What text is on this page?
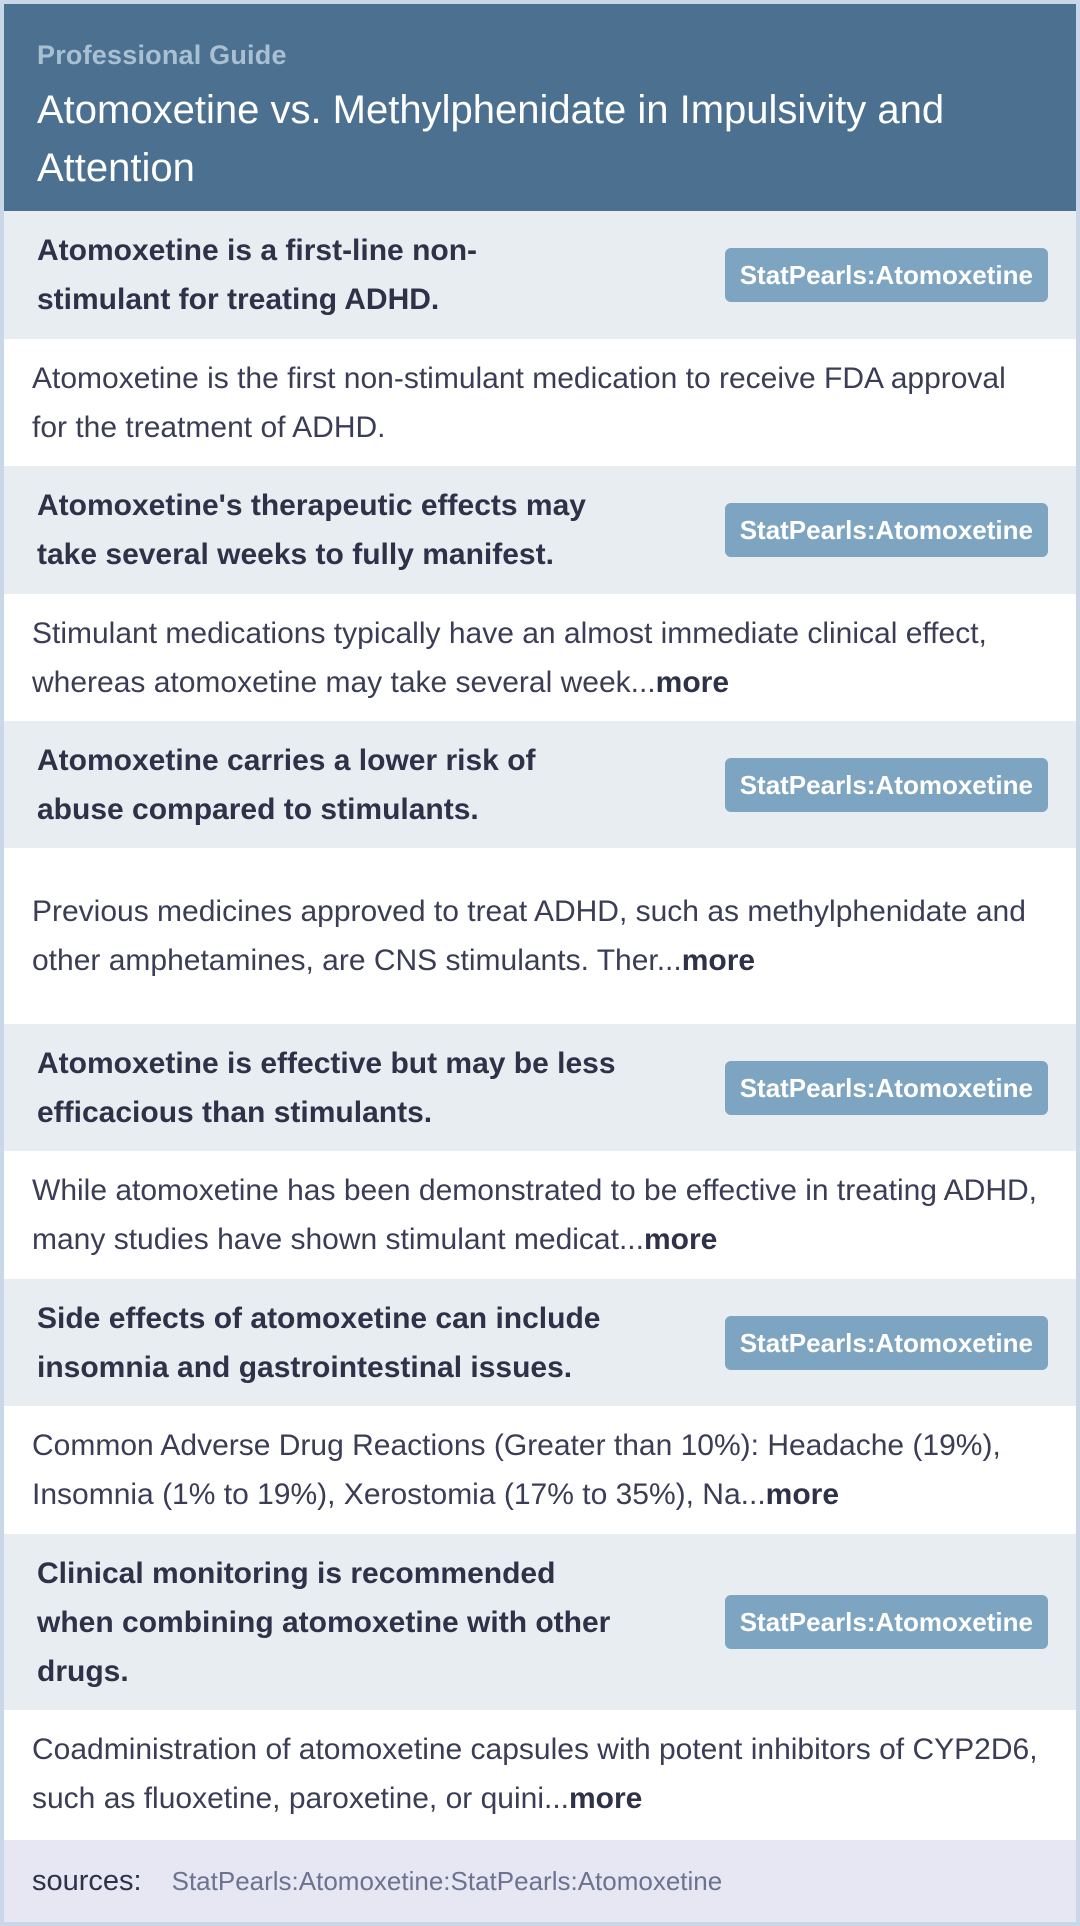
Professional Guide
Atomoxetine vs. Methylphenidate in Impulsivity and Attention
Atomoxetine is a first-line non-stimulant for treating ADHD.
StatPearls:Atomoxetine
Atomoxetine is the first non-stimulant medication to receive FDA approval for the treatment of ADHD.
Atomoxetine's therapeutic effects may take several weeks to fully manifest.
StatPearls:Atomoxetine
Stimulant medications typically have an almost immediate clinical effect, whereas atomoxetine may take several week...more
Atomoxetine carries a lower risk of abuse compared to stimulants.
StatPearls:Atomoxetine
Previous medicines approved to treat ADHD, such as methylphenidate and other amphetamines, are CNS stimulants. Ther...more
Atomoxetine is effective but may be less efficacious than stimulants.
StatPearls:Atomoxetine
While atomoxetine has been demonstrated to be effective in treating ADHD, many studies have shown stimulant medicat...more
Side effects of atomoxetine can include insomnia and gastrointestinal issues.
StatPearls:Atomoxetine
Common Adverse Drug Reactions (Greater than 10%): Headache (19%), Insomnia (1% to 19%), Xerostomia (17% to 35%), Na...more
Clinical monitoring is recommended when combining atomoxetine with other drugs.
StatPearls:Atomoxetine
Coadministration of atomoxetine capsules with potent inhibitors of CYP2D6, such as fluoxetine, paroxetine, or quini...more
sources: StatPearls:Atomoxetine:StatPearls:Atomoxetine
